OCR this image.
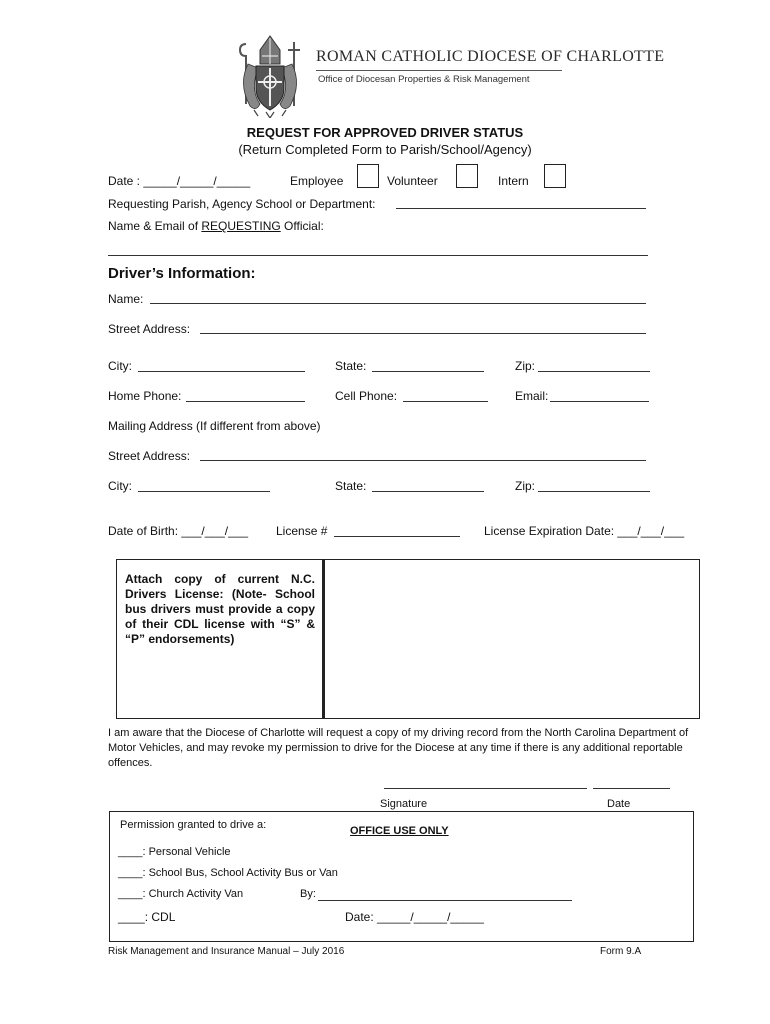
ROMAN CATHOLIC DIOCESE OF CHARLOTTE
Office of Diocesan Properties & Risk Management
REQUEST FOR APPROVED DRIVER STATUS
(Return Completed Form to Parish/School/Agency)
Date : _____/_____/_____	Employee	Volunteer	Intern
Requesting Parish, Agency School or Department:
Name & Email of REQUESTING Official:
Driver’s Information:
Name:
Street Address:
City:	State:	Zip:
Home Phone:	Cell Phone:	Email:
Mailing Address (If different from above)
Street Address:
City:	State:	Zip:
Date of Birth: ___/___/___ License #	License Expiration Date: ___/___/___
Attach copy of current N.C. Drivers License: (Note- School bus drivers must provide a copy of their CDL license with “S” & “P” endorsements)
I am aware that the Diocese of Charlotte will request a copy of my driving record from the North Carolina Department of Motor Vehicles, and may revoke my permission to drive for the Diocese at any time if there is any additional reportable offences.
Signature	Date
Permission granted to drive a:	OFFICE USE ONLY
____: Personal Vehicle
____: School Bus, School Activity Bus or Van
____: Church Activity Van	By:
____: CDL	Date: _____/_____/_____
Risk Management and Insurance Manual – July 2016	Form 9.A
